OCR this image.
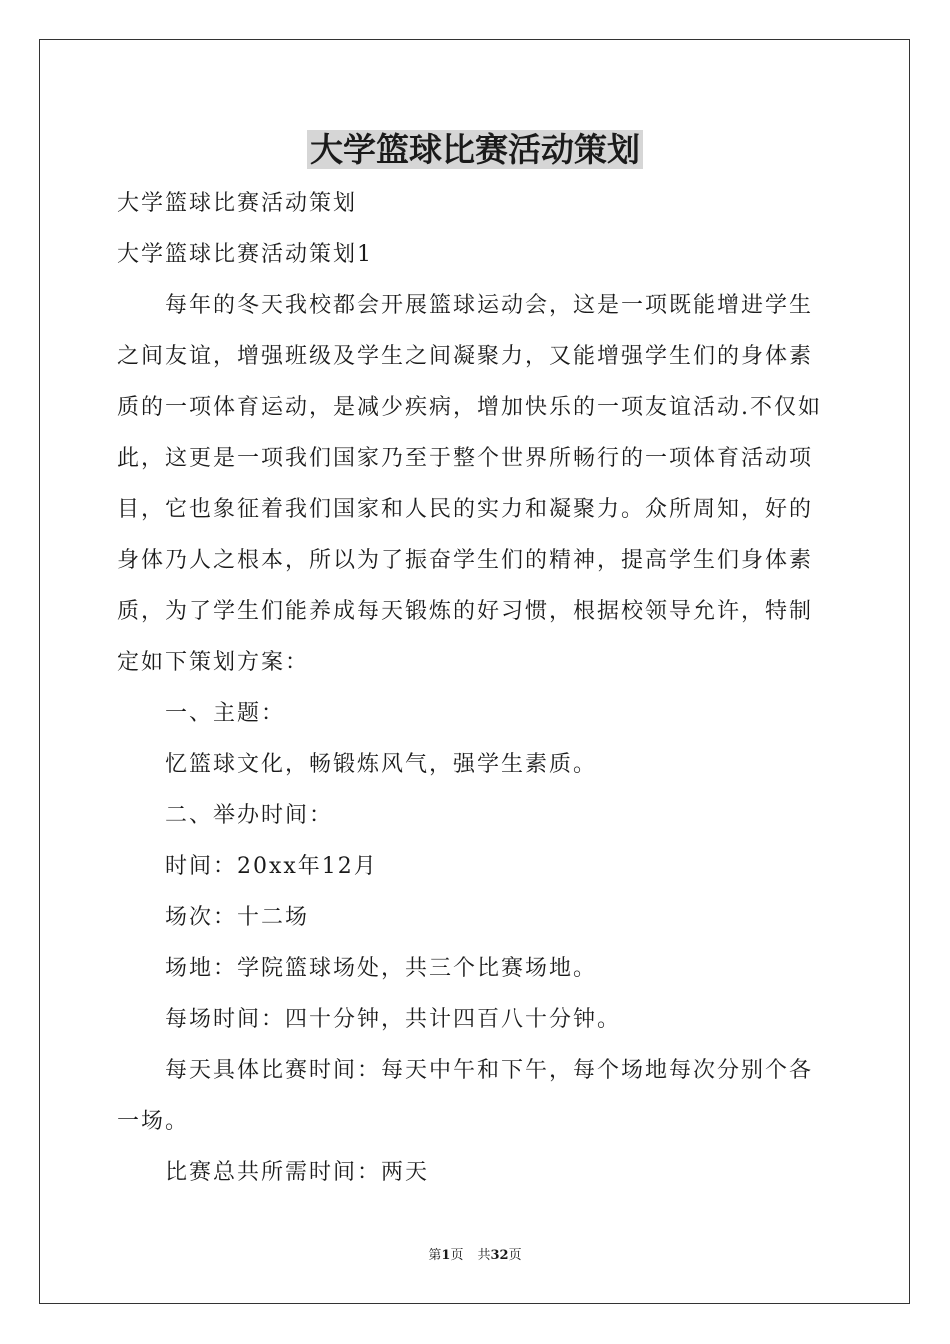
大学篮球比赛活动策划

大学篮球比赛活动策划

大学篮球比赛活动策划1

每年的冬天我校都会开展篮球运动会，这是一项既能增进学生之间友谊，增强班级及学生之间凝聚力，又能增强学生们的身体素质的一项体育运动，是减少疾病，增加快乐的一项友谊活动.不仅如此，这更是一项我们国家乃至于整个世界所畅行的一项体育活动项目，它也象征着我们国家和人民的实力和凝聚力。众所周知，好的身体乃人之根本，所以为了振奋学生们的精神，提高学生们身体素质，为了学生们能养成每天锻炼的好习惯，根据校领导允许，特制定如下策划方案：

一、主题：

忆篮球文化，畅锻炼风气，强学生素质。

二、举办时间：

时间：20xx年12月

场次：十二场

场地：学院篮球场处，共三个比赛场地。

每场时间：四十分钟，共计四百八十分钟。

每天具体比赛时间：每天中午和下午，每个场地每次分别个各一场。

比赛总共所需时间：两天

第1页 共32页
